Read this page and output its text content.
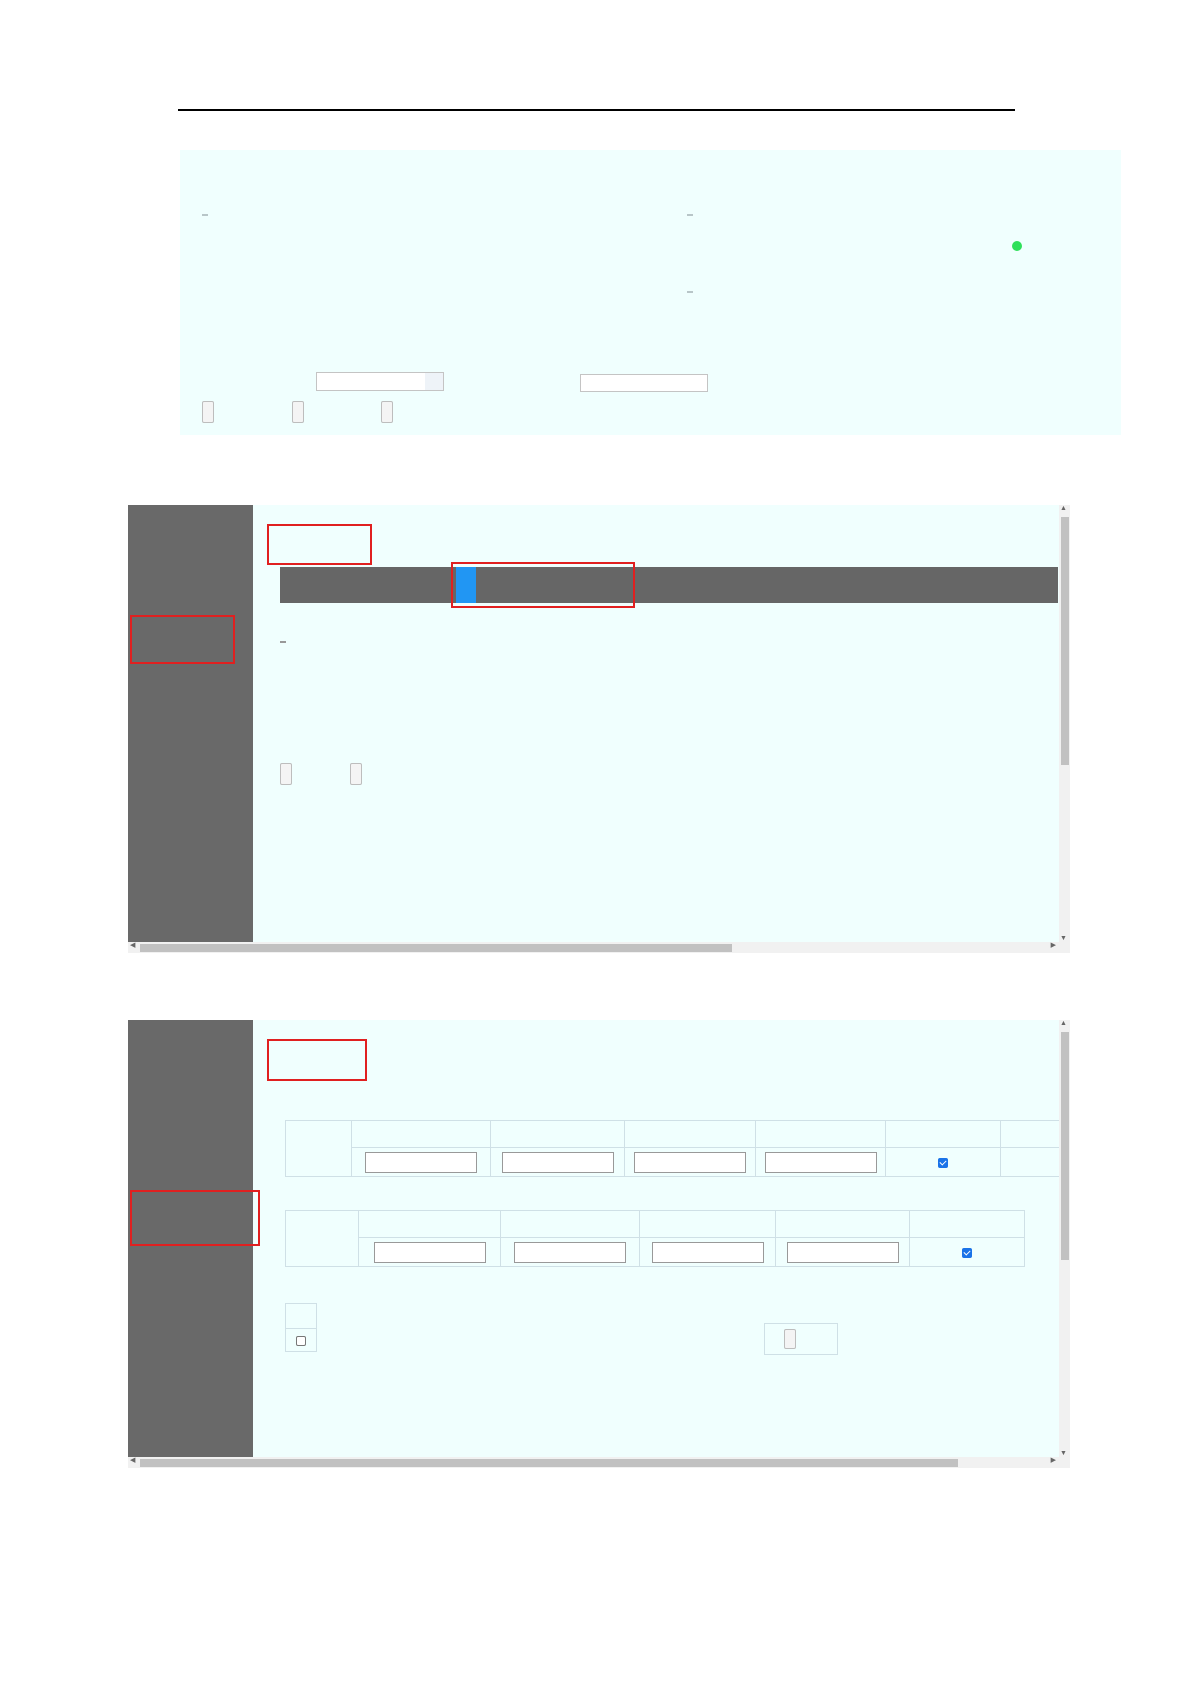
▲
▼
◀	▶

▲
▼
◀	▶
